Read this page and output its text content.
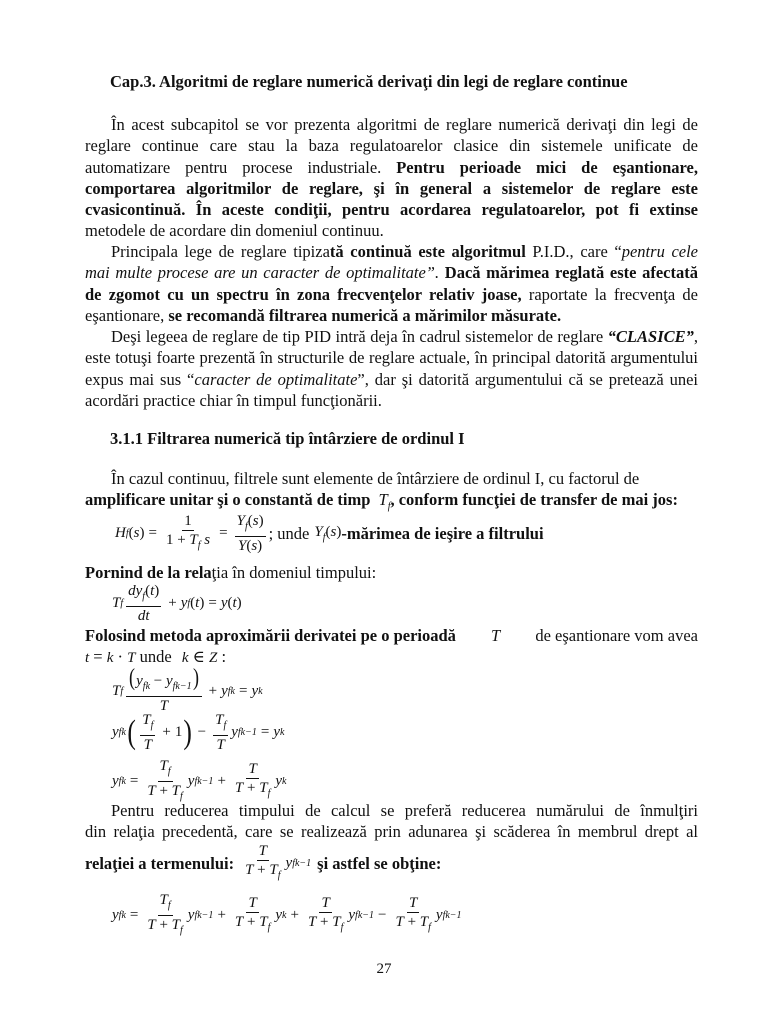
Cap.3. Algoritmi de reglare numerică derivaţi din legi de reglare continue

În acest subcapitol se vor prezenta algoritmi de reglare numerică derivaţi din legi de reglare continue care stau la baza regulatoarelor clasice din sistemele unificate de automatizare pentru procese industriale. Pentru perioade mici de eşantionare, comportarea algoritmilor de reglare, şi în general a sistemelor de reglare este cvasicontinuă. În aceste condiţii, pentru acordarea regulatoarelor, pot fi extinse metodele de acordare din domeniul continuu.

Principala lege de reglare tipizată continuă este algoritmul P.I.D., care “pentru cele mai multe procese are un caracter de optimalitate”. Dacă mărimea reglată este afectată de zgomot cu un spectru în zona frecvenţelor relativ joase, raportate la frecvenţa de eşantionare, se recomandă filtrarea numerică a mărimilor măsurate.

Deşi legeea de reglare de tip PID intră deja în cadrul sistemelor de reglare “CLASICE”, este totuşi foarte prezentă în structurile de reglare actuale, în principal datorită argumentului expus mai sus “caracter de optimalitate”, dar şi datorită argumentului că se pretează unei acordări practice chiar în timpul funcţionării.

3.1.1 Filtrarea numerică tip întârziere de ordinul I
În cazul continuu, filtrele sunt elemente de întârziere de ordinul I, cu factorul de
amplificare unitar şi o constantă de timp $T_f$, conform funcţiei de transfer de mai jos:
H f ( s ) = $\frac{1}{1 + T_f s} = \frac{Y_f(s)}{Y(s)}$ ; unde $Y_f(s)$ -mărimea de ieşire a filtrului
Pornind de la relaţia în domeniul timpului:
T f $\frac{dy_f(t)}{dt} + y$ f ( t ) = y ( t )
Folosind metoda aproximării derivatei pe o perioadă T de eşantionare vom avea
t = k · T unde k ∈ Z :
T f $\frac{(y_{fk} - y_{fk-1})}{T} + y$ fk = y k
y fk ( $\frac{T_f}{T} + 1$ ) − $\frac{T_f}{T}$ y fk−1 = y k
y fk = $\frac{T_f}{T + T_f}$ y $fk-1 + \frac{T}{T + T_f}$ y k
Pentru reducerea timpului de calcul se preferă reducerea numărului de înmulţiri
din relaţia precedentă, care se realizează prin adunarea şi scăderea în membrul drept al
relaţiei a termenului: $\frac{T}{T + T_f}$ y fk−1 şi astfel se obţine:
y fk = $\frac{T_f}{T + T_f}$ y $fk-1 + \frac{T}{T + T_f}$ y $k + \frac{T}{T + T_f}$ y $fk-1 - \frac{T}{T + T_f}$ y fk−1
27
